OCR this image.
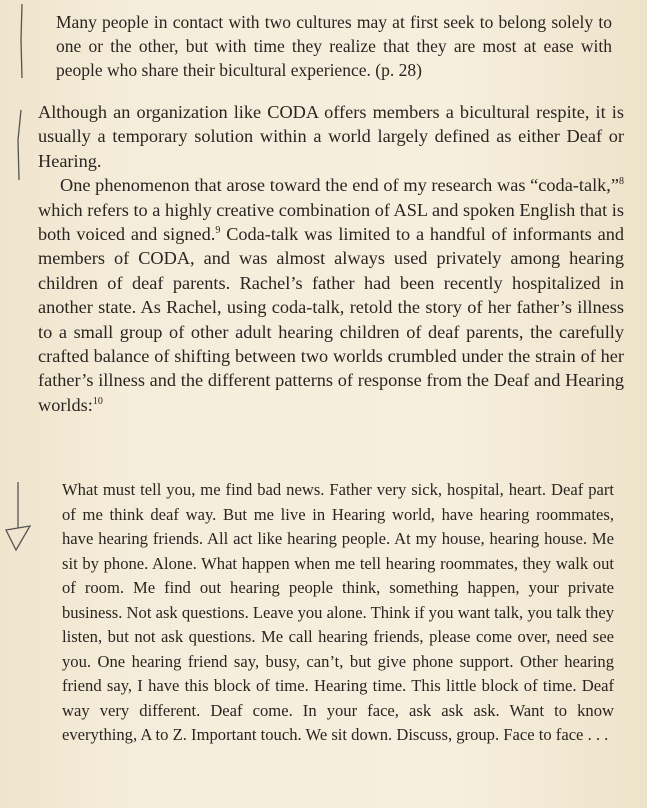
Many people in contact with two cultures may at first seek to belong solely to one or the other, but with time they realize that they are most at ease with people who share their bicultural experience. (p. 28)

Although an organization like CODA offers members a bicultural respite, it is usually a temporary solution within a world largely defined as either Deaf or Hearing.

One phenomenon that arose toward the end of my research was “coda-talk,”$^8$ which refers to a highly creative combination of ASL and spoken English that is both voiced and signed.$^9$ Coda-talk was limited to a handful of informants and members of CODA, and was almost always used privately among hearing children of deaf parents. Rachel’s father had been recently hospitalized in another state. As Rachel, using coda-talk, retold the story of her father’s illness to a small group of other adult hearing children of deaf parents, the carefully crafted balance of shifting between two worlds crumbled under the strain of her father’s illness and the different patterns of response from the Deaf and Hearing worlds:$^{10}$

What must tell you, me find bad news. Father very sick, hospital, heart. Deaf part of me think deaf way. But me live in Hearing world, have hearing roommates, have hearing friends. All act like hearing people. At my house, hearing house. Me sit by phone. Alone. What happen when me tell hearing roommates, they walk out of room. Me find out hearing people think, something happen, your private business. Not ask questions. Leave you alone. Think if you want talk, you talk they listen, but not ask questions. Me call hearing friends, please come over, need see you. One hearing friend say, busy, can’t, but give phone support. Other hearing friend say, I have this block of time. Hearing time. This little block of time. Deaf way very different. Deaf come. In your face, ask ask ask. Want to know everything, A to Z. Important touch. We sit down. Discuss, group. Face to face . . .
